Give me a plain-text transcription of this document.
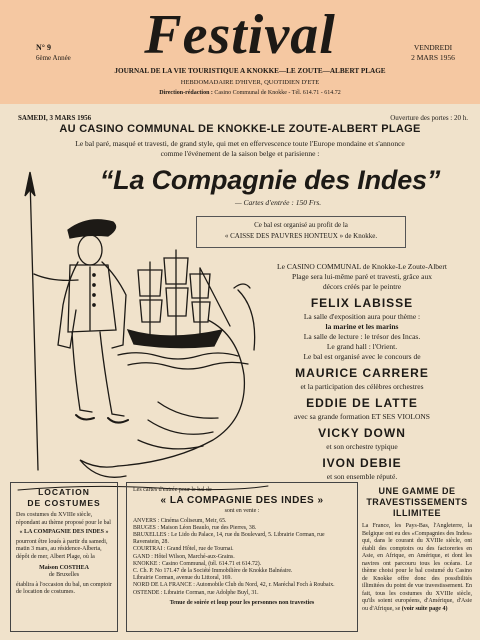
N° 9
6ème Année	Festival	VENDREDI
2 MARS 1956
JOURNAL DE LA VIE TOURISTIQUE A KNOKKE—LE ZOUTE—ALBERT PLAGE
HEBDOMADAIRE D'HIVER, QUOTIDIEN D'ETE
Direction-rédaction : Casino Communal de Knokke - Tél. 614.71 - 614.72
SAMEDI, 3 MARS 1956	Ouverture des portes : 20 h.
AU CASINO COMMUNAL DE KNOKKE-LE ZOUTE-ALBERT PLAGE
Le bal paré, masqué et travesti, de grand style, qui met en effervescence toute l'Europe mondaine et s'annonce
comme l'événement de la saison belge et parisienne :
“La Compagnie des Indes”
— Cartes d'entrée : 150 Frs.
Ce bal est organisé au profit de la
« CAISSE DES PAUVRES HONTEUX » de Knokke.

Le CASINO COMMUNAL de Knokke-Le Zoute-Albert

Plage sera lui-même paré et travesti, grâce aux

décors créés par le peintre

FELIX LABISSE

La salle d'exposition aura pour thème :

la marine et les marins

La salle de lecture : le trésor des Incas.

Le grand hall : l'Orient.

Le bal est organisé avec le concours de

MAURICE CARRERE

et la participation des célèbres orchestres

EDDIE DE LATTE

avec sa grande formation ET SES VIOLONS

VICKY DOWN

et son orchestre typique

IVON DEBIE

et son ensemble réputé.

LOCATION
DE COSTUMES
Des costumes du XVIIIe siècle, répondant au thème proposé pour le bal
« LA COMPAGNIE DES INDES »
pourront être loués à partir du samedi, matin 3 mars, au résidence-Alberta, dépôt de mer, Albert Plage, où la
Maison COSTHEA
de Bruxelles
établira à l'occasion du bal, un comptoir de location de costumes.
Les cartes d'entrée pour le bal de
« LA COMPAGNIE DES INDES »
sont en vente :
ANVERS : Cinéma Coliseum, Meir, 65.
BRUGES : Maison Léon Beaulo, rue des Pierres, 38.
BRUXELLES : Le Lido du Palace, 14, rue du Boulevard, 5. Librairie Corman, rue Ravenstein, 28.
COURTRAI : Grand Hôtel, rue de Tournai.
GAND : Hôtel Wilson, Marché-aux-Grains.
KNOKKE : Casino Communal, (tél. 614.71 et 614.72).
C. Ch. P. No 171.47 de la Société Immobilière de Knokke Balnéaire.
Librairie Corman, avenue du Littoral, 169.
NORD DE LA FRANCE : Automobile Club du Nord, 42, r. Maréchal Foch à Roubaix.
OSTENDE : Librairie Corman, rue Adolphe Buyl, 31.
Tenue de soirée et loup pour les personnes non travesties
UNE GAMME DE
TRAVESTISSEMENTS
ILLIMITEE
La France, les Pays-Bas, l'Angleterre, la Belgique ont eu des «Compagnies des Indes» qui, dans le courant du XVIIIe siècle, ont établi des comptoirs ou des factoreries en Asie, en Afrique, en Amérique, et dont les navires ont parcouru tous les océans. Le thème choisi pour le bal costumé du Casino de Knokke offre donc des possibilités illimitées du point de vue travestissement. En fait, tous les costumes du XVIIIe siècle, qu'ils soient européens, d'Amérique, d'Asie ou d'Afrique, se (voir suite page 4)
